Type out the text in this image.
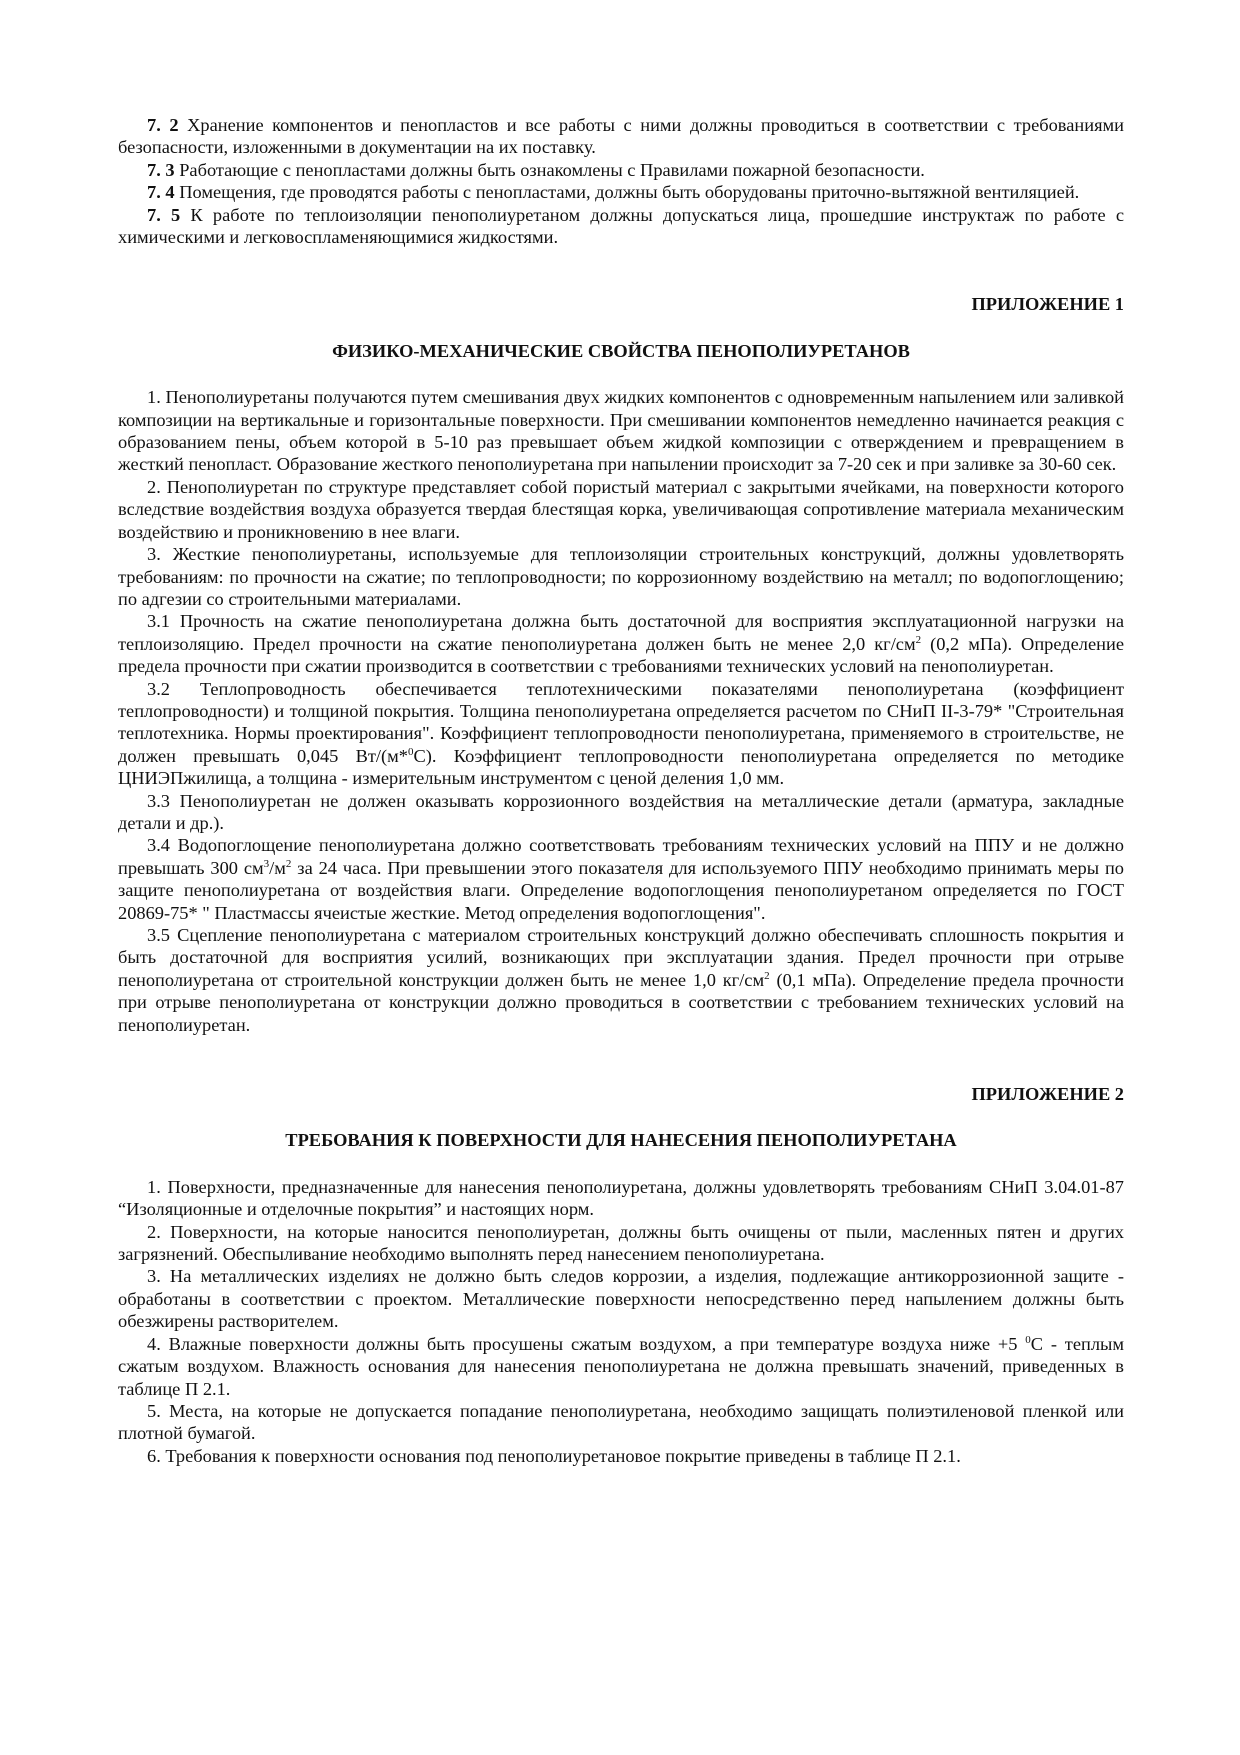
7. 2 Хранение компонентов и пенопластов и все работы с ними должны проводиться в соответствии с требованиями безопасности, изложенными в документации на их поставку.

7. 3 Работающие с пенопластами должны быть ознакомлены с Правилами пожарной безопасности.

7. 4 Помещения, где проводятся работы с пенопластами, должны быть оборудованы приточно-вытяжной вентиляцией.

7. 5 К работе по теплоизоляции пенополиуретаном должны допускаться лица, прошедшие инструктаж по работе с химическими и легковоспламеняющимися жидкостями.

ПРИЛОЖЕНИЕ 1

ФИЗИКО-МЕХАНИЧЕСКИЕ СВОЙСТВА ПЕНОПОЛИУРЕТАНОВ

1. Пенополиуретаны получаются путем смешивания двух жидких компонентов с одновременным напылением или заливкой композиции на вертикальные и горизонтальные поверхности. При смешивании компонентов немедленно начинается реакция с образованием пены, объем которой в 5-10 раз превышает объем жидкой композиции с отверждением и превращением в жесткий пенопласт. Образование жесткого пенополиуретана при напылении происходит за 7-20 сек и при заливке за 30-60 сек.

2. Пенополиуретан по структуре представляет собой пористый материал с закрытыми ячейками, на поверхности которого вследствие воздействия воздуха образуется твердая блестящая корка, увеличивающая сопротивление материала механическим воздействию и проникновению в нее влаги.

3. Жесткие пенополиуретаны, используемые для теплоизоляции строительных конструкций, должны удовлетворять требованиям: по прочности на сжатие; по теплопроводности; по коррозионному воздействию на металл; по водопоглощению; по адгезии со строительными материалами.

3.1 Прочность на сжатие пенополиуретана должна быть достаточной для восприятия эксплуатационной нагрузки на теплоизоляцию. Предел прочности на сжатие пенополиуретана должен быть не менее 2,0 $кг/см^2$ (0,2 мПа). Определение предела прочности при сжатии производится в соответствии с требованиями технических условий на пенополиуретан.

3.2 Теплопроводность обеспечивается теплотехническими показателями пенополиуретана (коэффициент теплопроводности) и толщиной покрытия. Толщина пенополиуретана определяется расчетом по СНиП II-3-79* "Строительная теплотехника. Нормы проектирования". Коэффициент теплопроводности пенополиуретана, применяемого в строительстве, не должен превышать 0,045 Вт/(м*$^0$С). Коэффициент теплопроводности пенополиуретана определяется по методике ЦНИЭПжилища, а толщина - измерительным инструментом с ценой деления 1,0 мм.

3.3 Пенополиуретан не должен оказывать коррозионного воздействия на металлические детали (арматура, закладные детали и др.).

3.4 Водопоглощение пенополиуретана должно соответствовать требованиям технических условий на ППУ и не должно превышать 300 $см^3/м^2$ за 24 часа. При превышении этого показателя для используемого ППУ необходимо принимать меры по защите пенополиуретана от воздействия влаги. Определение водопоглощения пенополиуретаном определяется по ГОСТ 20869-75* " Пластмассы ячеистые жесткие. Метод определения водопоглощения".

3.5 Сцепление пенополиуретана с материалом строительных конструкций должно обеспечивать сплошность покрытия и быть достаточной для восприятия усилий, возникающих при эксплуатации здания. Предел прочности при отрыве пенополиуретана от строительной конструкции должен быть не менее 1,0 $кг/см^2$ (0,1 мПа). Определение предела прочности при отрыве пенополиуретана от конструкции должно проводиться в соответствии с требованием технических условий на пенополиуретан.

ПРИЛОЖЕНИЕ 2

ТРЕБОВАНИЯ К ПОВЕРХНОСТИ ДЛЯ НАНЕСЕНИЯ ПЕНОПОЛИУРЕТАНА

1. Поверхности, предназначенные для нанесения пенополиуретана, должны удовлетворять требованиям СНиП 3.04.01-87 “Изоляционные и отделочные покрытия” и настоящих норм.

2. Поверхности, на которые наносится пенополиуретан, должны быть очищены от пыли, масленных пятен и других загрязнений. Обеспыливание необходимо выполнять перед нанесением пенополиуретана.

3. На металлических изделиях не должно быть следов коррозии, а изделия, подлежащие антикоррозионной защите - обработаны в соответствии с проектом. Металлические поверхности непосредственно перед напылением должны быть обезжирены растворителем.

4. Влажные поверхности должны быть просушены сжатым воздухом, а при температуре воздуха ниже +5 $^0$С - теплым сжатым воздухом. Влажность основания для нанесения пенополиуретана не должна превышать значений, приведенных в таблице П 2.1.

5. Места, на которые не допускается попадание пенополиуретана, необходимо защищать полиэтиленовой пленкой или плотной бумагой.

6. Требования к поверхности основания под пенополиуретановое покрытие приведены в таблице П 2.1.
